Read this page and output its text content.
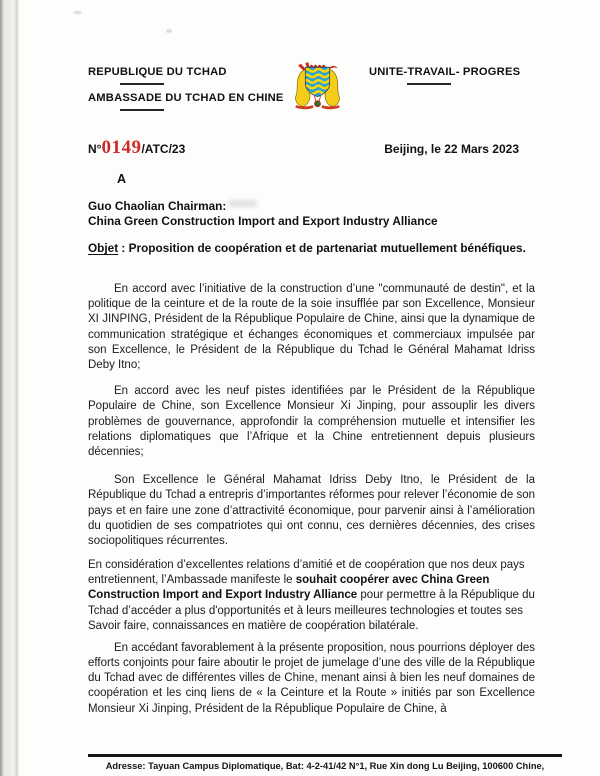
REPUBLIQUE DU TCHAD
AMBASSADE DU TCHAD EN CHINE
UNITE-TRAVAIL- PROGRES
N°0149/ATC/23	Beijing, le 22 Mars 2023
A
Guo Chaolian Chairman:
China Green Construction Import and Export Industry Alliance
Objet : Proposition de coopération et de partenariat mutuellement bénéfiques.

En accord avec l’initiative de la construction d’une "communauté de destin", et la politique de la ceinture et de la route de la soie insufflée par son Excellence, Monsieur XI JINPING, Président de la République Populaire de Chine, ainsi que la dynamique de communication stratégique et échanges économiques et commerciaux impulsée par son Excellence, le Président de la République du Tchad le Général Mahamat Idriss Deby Itno;

En accord avec les neuf pistes identifiées par le Président de la République Populaire de Chine, son Excellence Monsieur Xi Jinping, pour assouplir les divers problèmes de gouvernance, approfondir la compréhension mutuelle et intensifier les relations diplomatiques que l’Afrique et la Chine entretiennent depuis plusieurs décennies;

Son Excellence le Général Mahamat Idriss Deby Itno, le Président de la République du Tchad a entrepris d’importantes réformes pour relever l’économie de son pays et en faire une zone d’attractivité économique, pour parvenir ainsi à l’amélioration du quotidien de ses compatriotes qui ont connu, ces dernières décennies, des crises sociopolitiques récurrentes.

En considération d’excellentes relations d’amitié et de coopération que nos deux pays entretiennent, l’Ambassade manifeste le souhait coopérer avec China Green Construction Import and Export Industry Alliance pour permettre à la République du Tchad d’accéder a plus d'opportunités et à leurs meilleures technologies et toutes ses Savoir faire, connaissances en matière de coopération bilatérale.

En accédant favorablement à la présente proposition, nous pourrions déployer des efforts conjoints pour faire aboutir le projet de jumelage d’une des ville de la République du Tchad avec de différentes villes de Chine, menant ainsi à bien les neuf domaines de coopération et les cinq liens de « la Ceinture et la Route » initiés par son Excellence Monsieur Xi Jinping, Président de la République Populaire de Chine, à

Adresse: Tayuan Campus Diplomatique, Bat: 4-2-41/42 N°1, Rue Xin dong Lu Beijing, 100600 Chine,
